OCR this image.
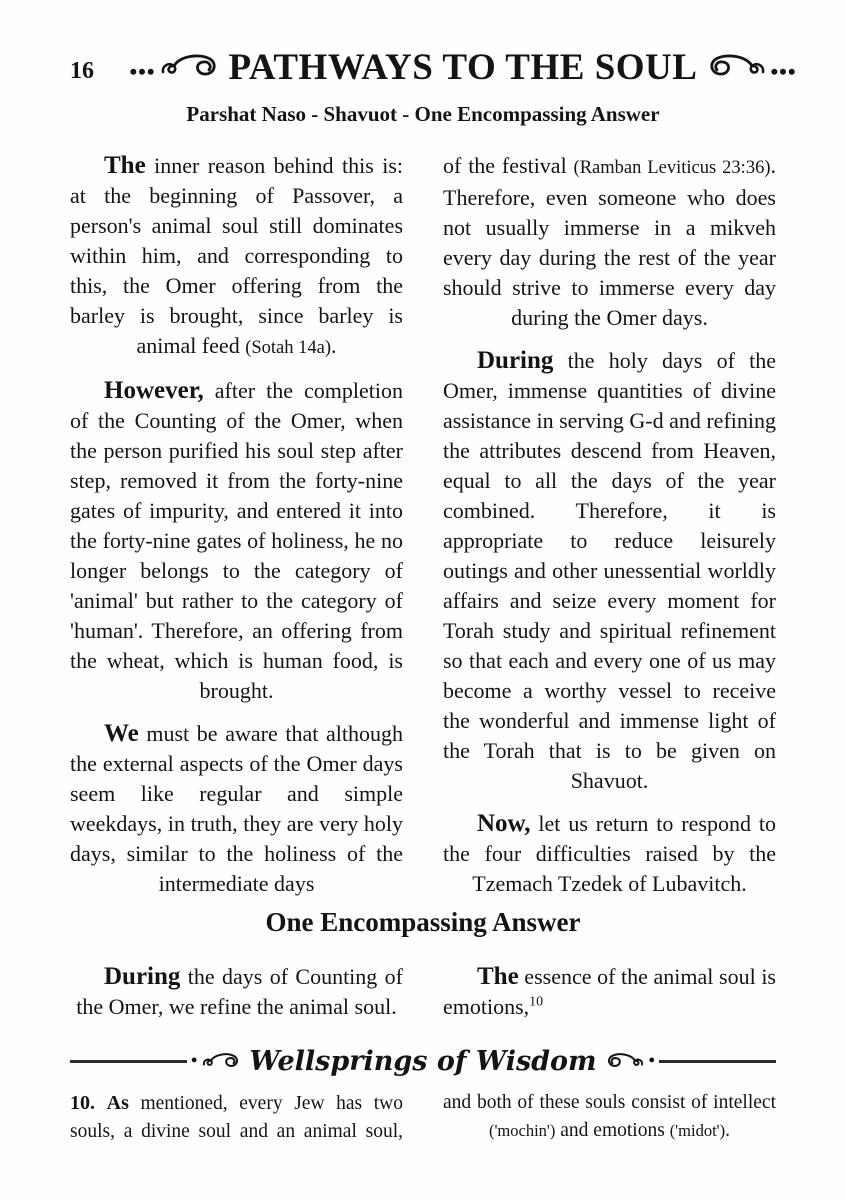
16 ••• PATHWAYS TO THE SOUL	•••
Parshat Naso - Shavuot - One Encompassing Answer

The inner reason behind this is: at the beginning of Passover, a person's animal soul still dominates within him, and corresponding to this, the Omer offering from the barley is brought, since barley is animal feed (Sotah 14a).

However, after the completion of the Counting of the Omer, when the person purified his soul step after step, removed it from the forty-nine gates of impurity, and entered it into the forty-nine gates of holiness, he no longer belongs to the category of 'animal' but rather to the category of 'human'. Therefore, an offering from the wheat, which is human food, is brought.

We must be aware that although the external aspects of the Omer days seem like regular and simple weekdays, in truth, they are very holy days, similar to the holiness of the intermediate days

of the festival (Ramban Leviticus 23:36). Therefore, even someone who does not usually immerse in a mikveh every day during the rest of the year should strive to immerse every day during the Omer days.

During the holy days of the Omer, immense quantities of divine assistance in serving G-d and refining the attributes descend from Heaven, equal to all the days of the year combined. Therefore, it is appropriate to reduce leisurely outings and other unessential worldly affairs and seize every moment for Torah study and spiritual refinement so that each and every one of us may become a worthy vessel to receive the wonderful and immense light of the Torah that is to be given on Shavuot.

Now, let us return to respond to the four difficulties raised by the Tzemach Tzedek of Lubavitch.

One Encompassing Answer

During the days of Counting of the Omer, we refine the animal soul.

The essence of the animal soul is emotions,$^{10}$

• Wellsprings of Wisdom	•
10. As mentioned, every Jew has two souls, a divine soul and an animal soul,
and both of these souls consist of intellect ('mochin') and emotions ('midot').
